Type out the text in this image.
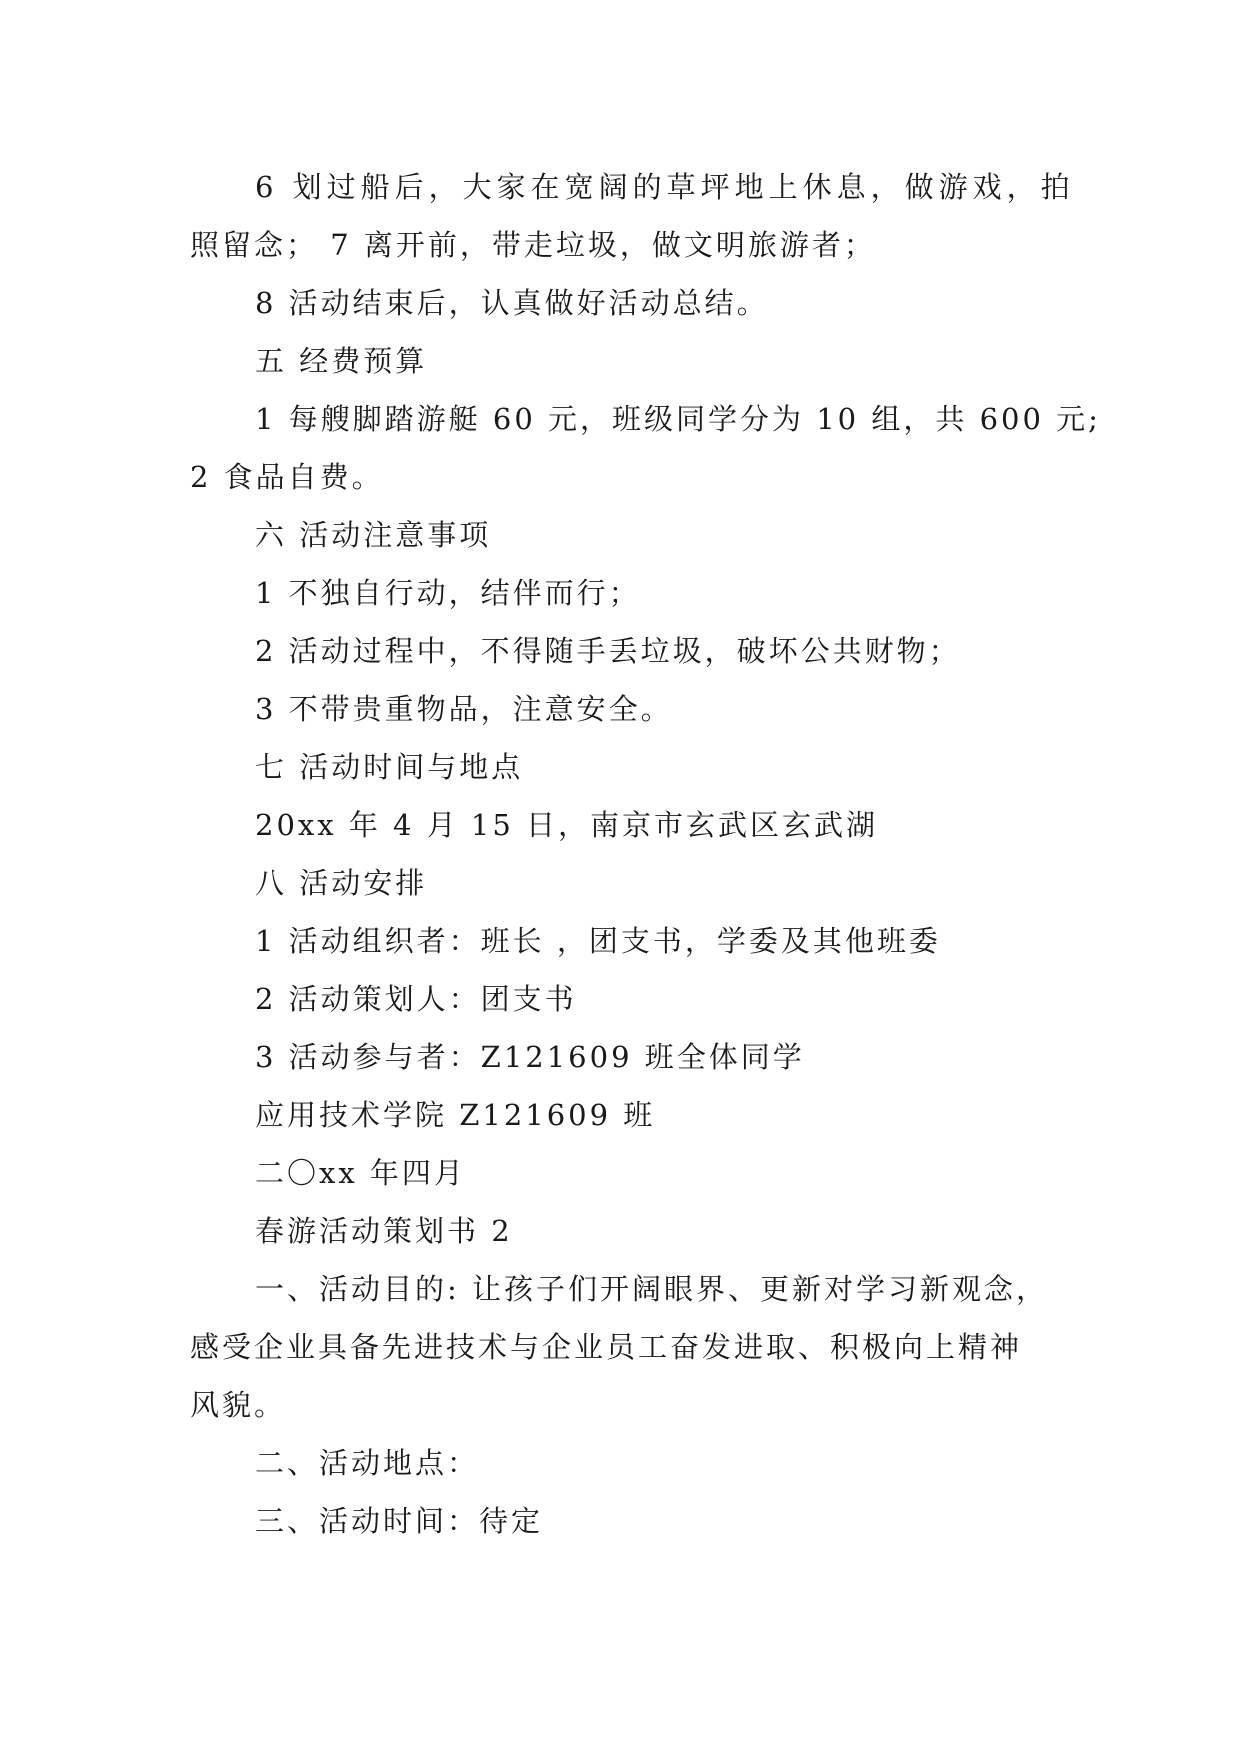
6 划过船后，大家在宽阔的草坪地上休息，做游戏，拍
照留念； 7 离开前，带走垃圾，做文明旅游者；
8 活动结束后，认真做好活动总结。
五 经费预算
1 每艘脚踏游艇 60 元，班级同学分为 10 组，共 600 元;
2 食品自费。
六 活动注意事项
1 不独自行动，结伴而行；
2 活动过程中，不得随手丢垃圾，破坏公共财物；
3 不带贵重物品，注意安全。
七 活动时间与地点
20xx 年 4 月 15 日，南京市玄武区玄武湖
八 活动安排
1 活动组织者：班长 ，团支书，学委及其他班委
2 活动策划人：团支书
3 活动参与者：Z121609 班全体同学
应用技术学院 Z121609 班
二〇xx 年四月
春游活动策划书 2
一、活动目的: 让孩子们开阔眼界、更新对学习新观念，
感受企业具备先进技术与企业员工奋发进取、积极向上精神
风貌。
二、活动地点：
三、活动时间：待定
